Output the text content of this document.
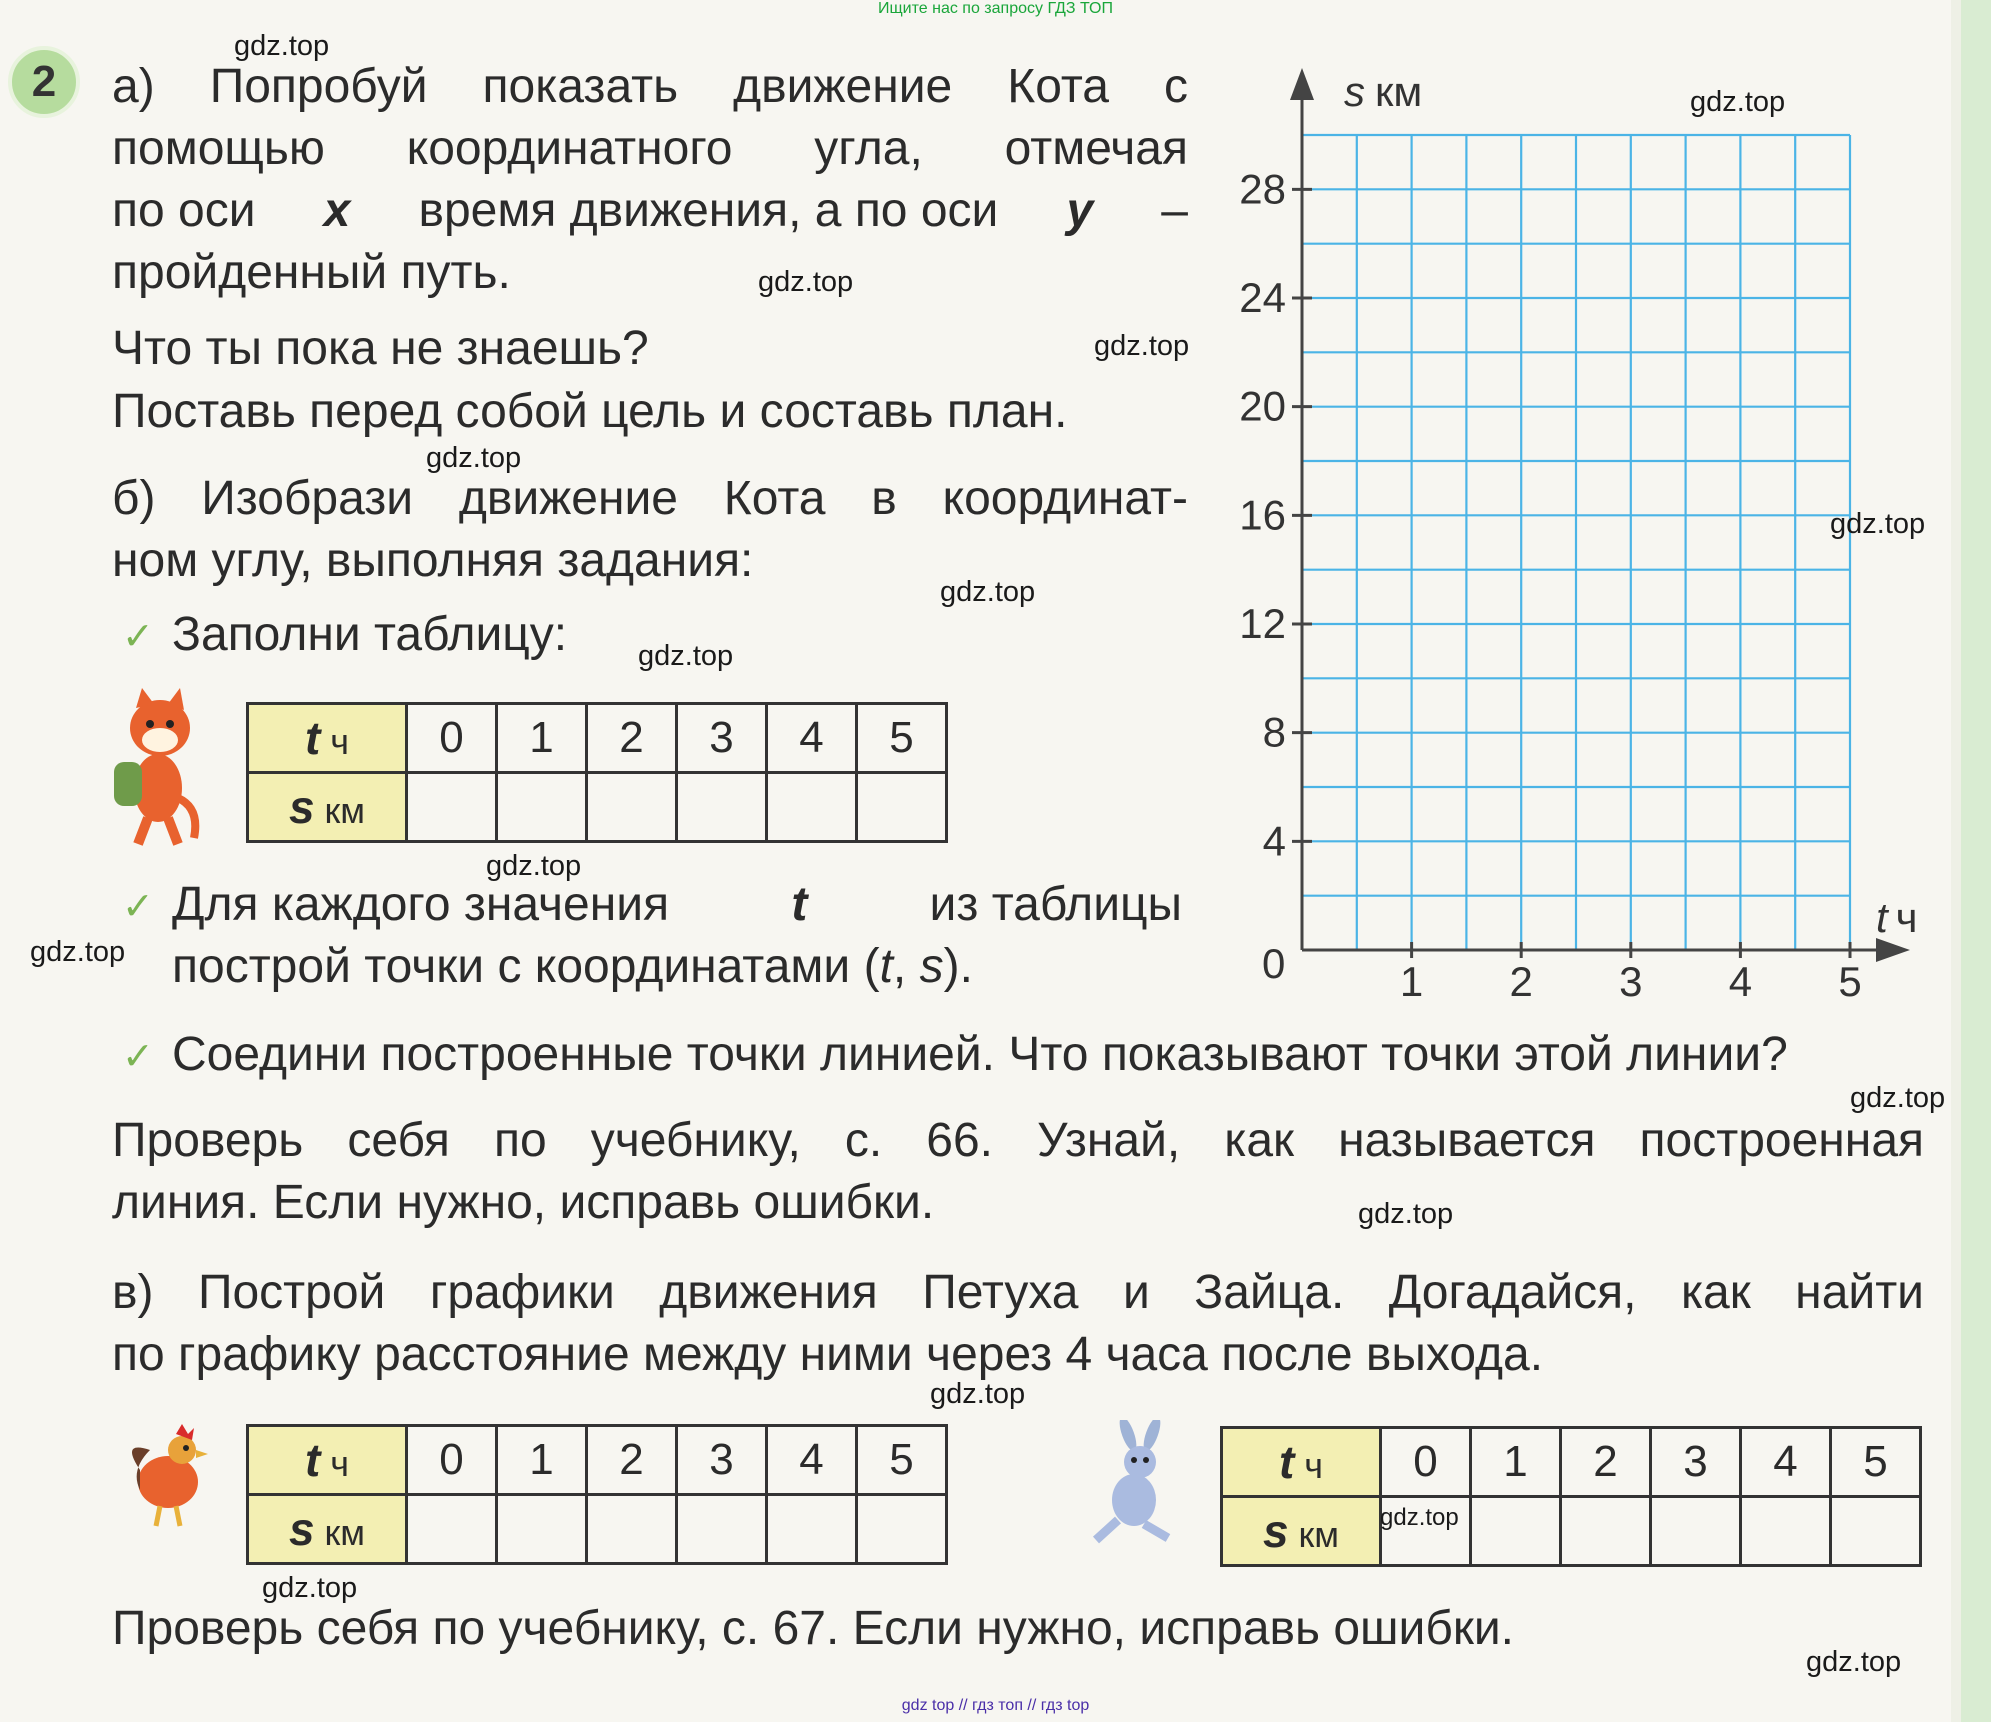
Ищите нас по запросу ГДЗ ТОП
2	а) Попробуй показать движение Кота с
помощью координатного угла, отмечая
по оси x время движения, а по оси y –
пройденный путь.
Что ты пока не знаешь?
Поставь перед собой цель и составь план.
б) Изобрази движение Кота в координат-
ном углу, выполняя задания:
✓ Заполни таблицу:
t ч	0	1	2	3	4	5
s км						
✓ Для каждого значения	t	из таблицы
построй точки с координатами (t, s).
✓ Соедини построенные точки линией. Что показывают точки этой линии?
Проверь себя по учебнику, с. 66. Узнай, как называется построенная
линия. Если нужно, исправь ошибки.
в) Построй графики движения Петуха и Зайца. Догадайся, как найти
по графику расстояние между ними через 4 часа после выхода.
t ч	0	1	2	3	4	5
s км						
t ч	0	1	2	3	4	5
s км						
Проверь себя по учебнику, с. 67. Если нужно, исправь ошибки.
s км
t ч
0	1 2 3 4 5
4
8
12
16
20
24
28
gdz.top
gdz.top
gdz.top
gdz.top
gdz.top
gdz.top
gdz.top
gdz.top
gdz.top
gdz.top
gdz.top
gdz.top
gdz.top
gdz.top
gdz.top
gdz.top
gdz top // гдз топ // гдз top
